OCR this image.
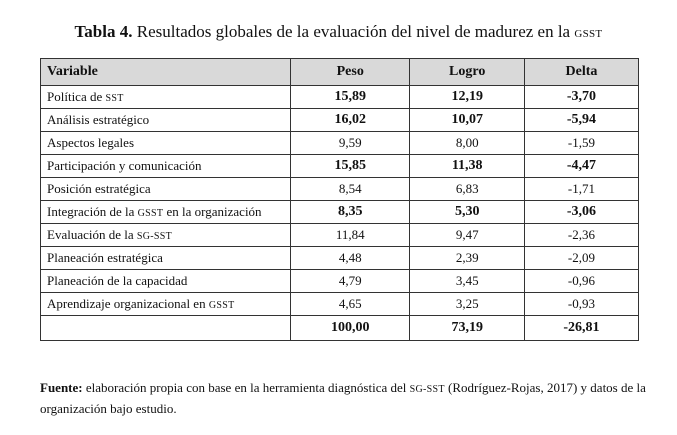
Tabla 4. Resultados globales de la evaluación del nivel de madurez en la GSST
Variable	Peso	Logro	Delta
Política de SST	15,89	12,19	-3,70
Análisis estratégico	16,02	10,07	-5,94
Aspectos legales	9,59	8,00	-1,59
Participación y comunicación	15,85	11,38	-4,47
Posición estratégica	8,54	6,83	-1,71
Integración de la GSST en la organización	8,35	5,30	-3,06
Evaluación de la SG-SST	11,84	9,47	-2,36
Planeación estratégica	4,48	2,39	-2,09
Planeación de la capacidad	4,79	3,45	-0,96
Aprendizaje organizacional en GSST	4,65	3,25	-0,93
	100,00	73,19	-26,81
Fuente: elaboración propia con base en la herramienta diagnóstica del SG-SST (Rodríguez-Rojas, 2017) y datos de la organización bajo estudio.
